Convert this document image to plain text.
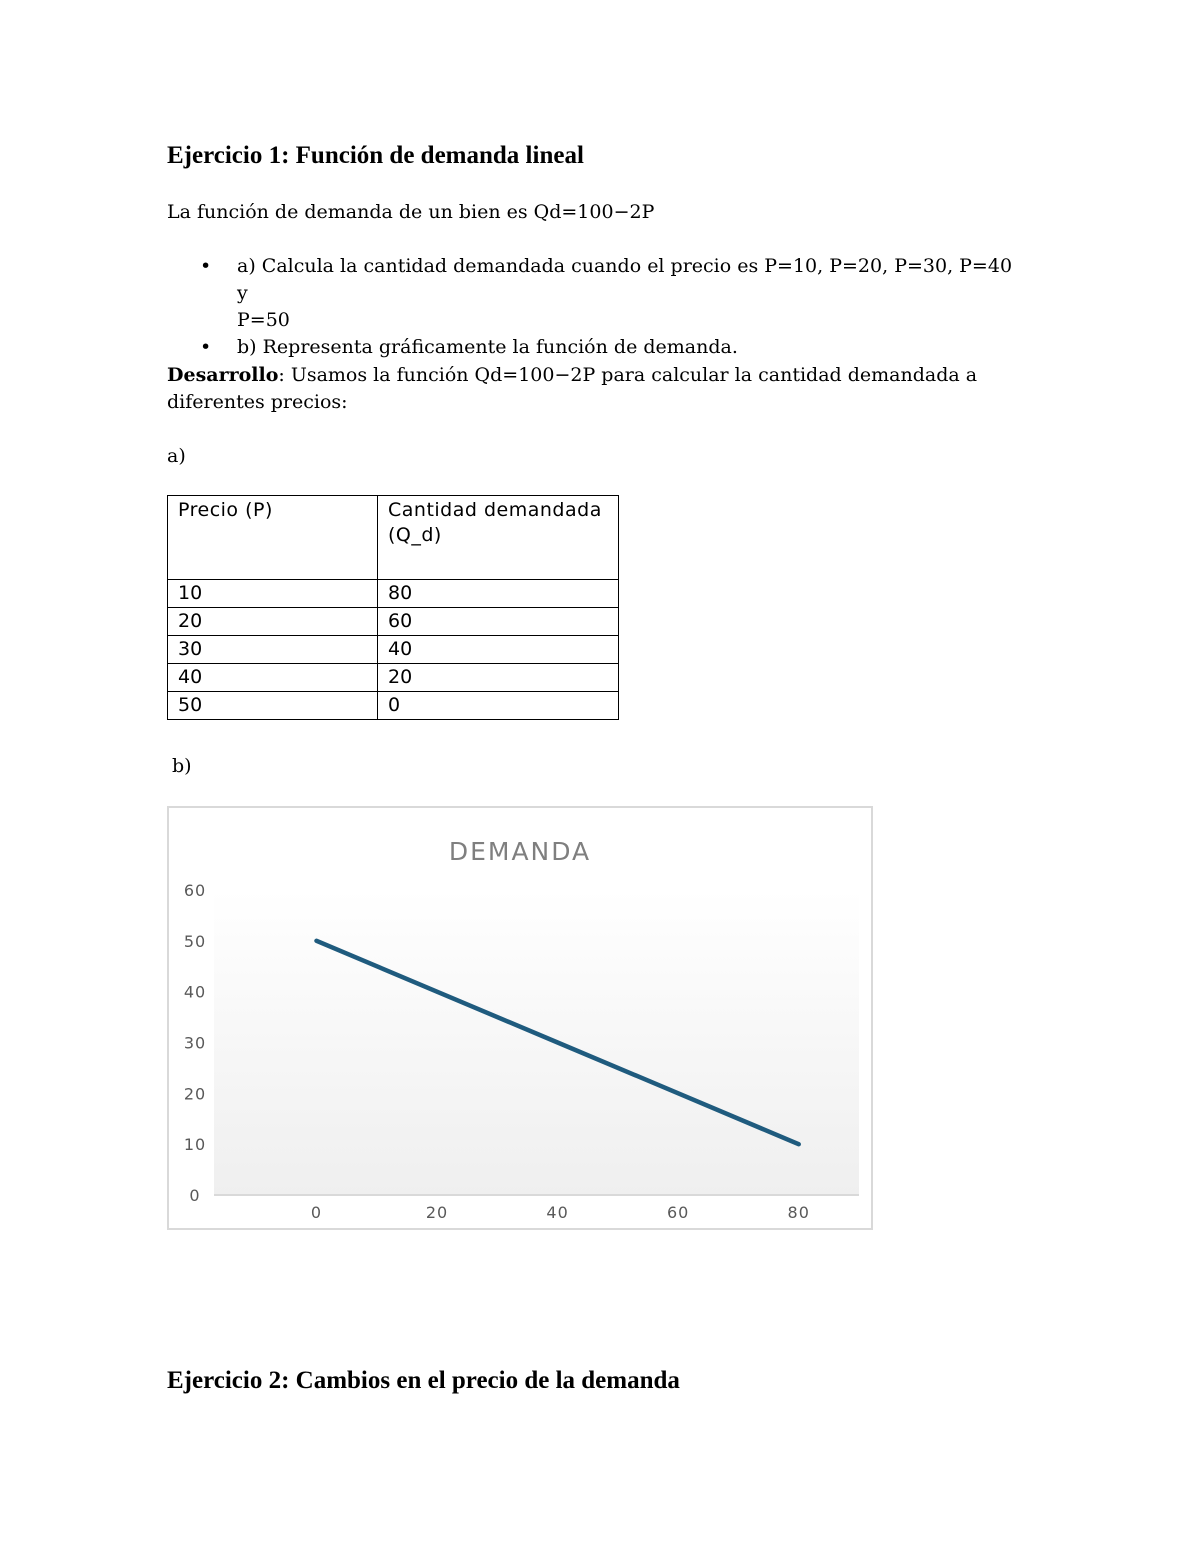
Ejercicio 1: Función de demanda lineal
La función de demanda de un bien es Qd=100−2P
• a) Calcula la cantidad demandada cuando el precio es P=10, P=20, P=30, P=40 y
P=50
• b) Representa gráficamente la función de demanda.
Desarrollo: Usamos la función Qd=100−2P para calcular la cantidad demandada a
diferentes precios:
a)
Precio (P)	Cantidad demandada (Q_d)
10	80
20	60
30	40
40	20
50	0
b)
DEMANDA
0
10
20
30
40
50
60
0	20	40	60	80
Ejercicio 2: Cambios en el precio de la demanda
